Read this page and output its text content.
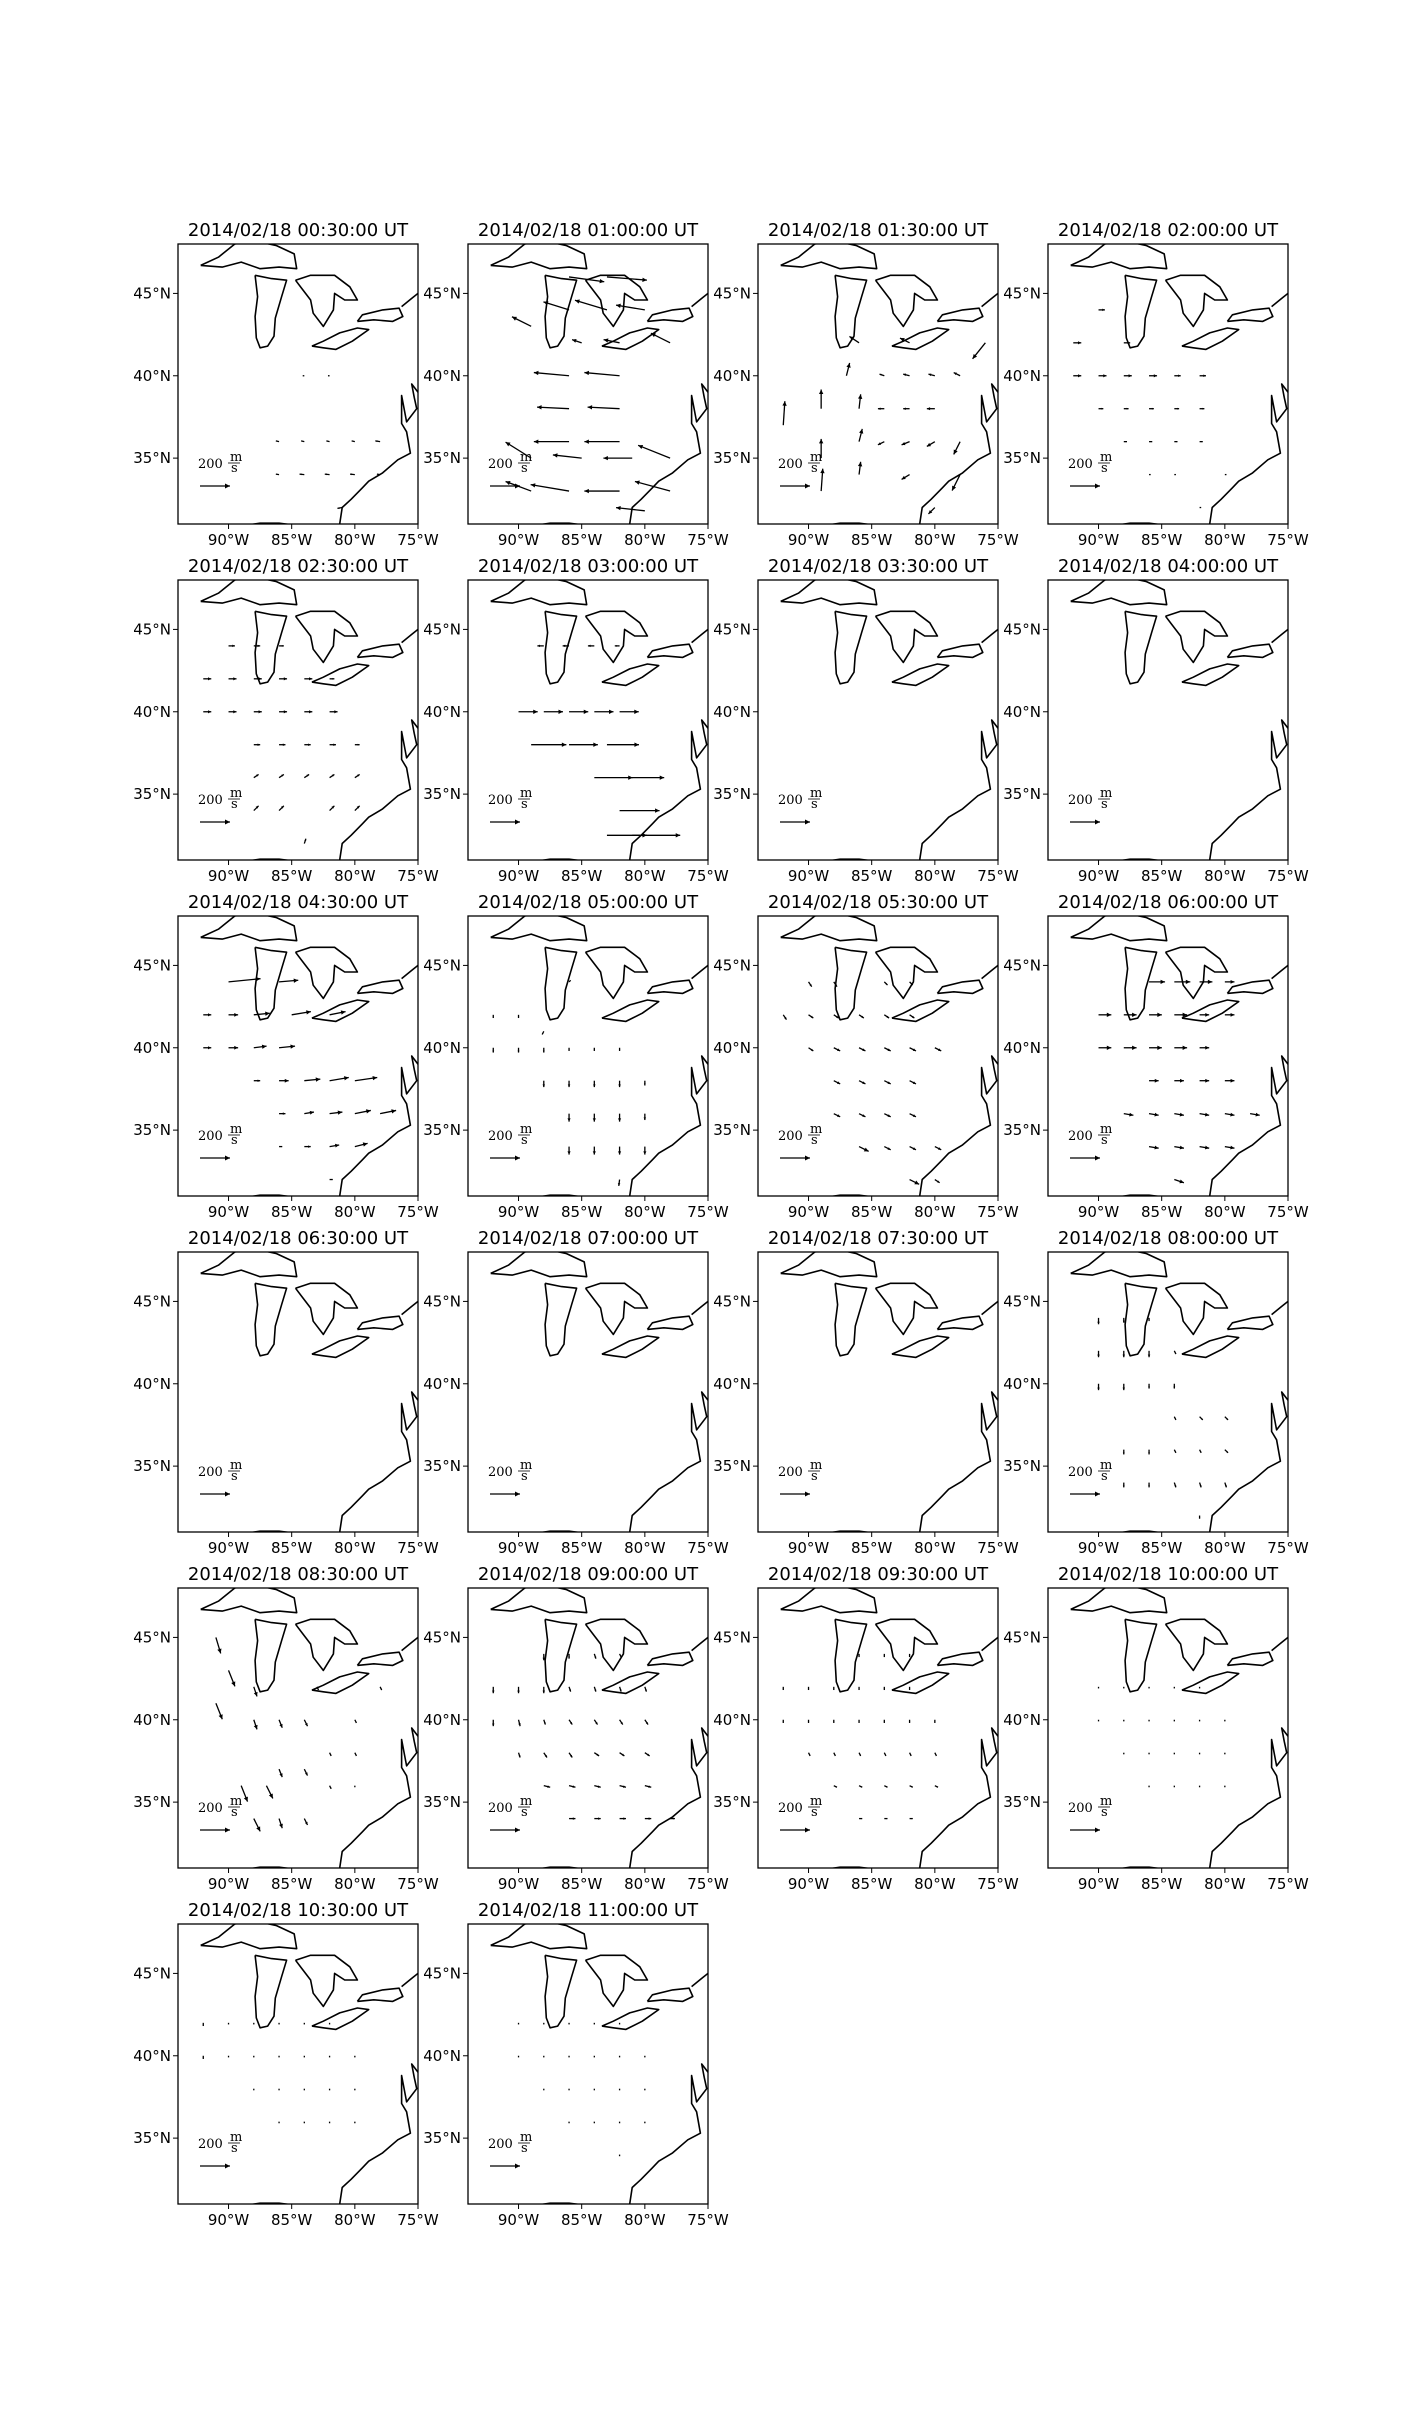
2014/02/18 00:30:00 UT
200 m
s
90°W 85°W 80°W 75°W
45°N
40°N
35°N
2014/02/18 01:00:00 UT
200 m
s
90°W 85°W 80°W 75°W
45°N
40°N
35°N
2014/02/18 01:30:00 UT
200 m
s
90°W 85°W 80°W 75°W
45°N
40°N
35°N
2014/02/18 02:00:00 UT
200 m
s
90°W 85°W 80°W 75°W
45°N
40°N
35°N
2014/02/18 02:30:00 UT
200 m
s
90°W 85°W 80°W 75°W
45°N
40°N
35°N
2014/02/18 03:00:00 UT
200 m
s
90°W 85°W 80°W 75°W
45°N
40°N
35°N
2014/02/18 03:30:00 UT
200 m
s
90°W 85°W 80°W 75°W
45°N
40°N
35°N
2014/02/18 04:00:00 UT
200 m
s
90°W 85°W 80°W 75°W
45°N
40°N
35°N
2014/02/18 04:30:00 UT
200 m
s
90°W 85°W 80°W 75°W
45°N
40°N
35°N
2014/02/18 05:00:00 UT
200 m
s
90°W 85°W 80°W 75°W
45°N
40°N
35°N
2014/02/18 05:30:00 UT
200 m
s
90°W 85°W 80°W 75°W
45°N
40°N
35°N
2014/02/18 06:00:00 UT
200 m
s
90°W 85°W 80°W 75°W
45°N
40°N
35°N
2014/02/18 06:30:00 UT
200 m
s
90°W 85°W 80°W 75°W
45°N
40°N
35°N
2014/02/18 07:00:00 UT
200 m
s
90°W 85°W 80°W 75°W
45°N
40°N
35°N
2014/02/18 07:30:00 UT
200 m
s
90°W 85°W 80°W 75°W
45°N
40°N
35°N
2014/02/18 08:00:00 UT
200 m
s
90°W 85°W 80°W 75°W
45°N
40°N
35°N
2014/02/18 08:30:00 UT
200 m
s
90°W 85°W 80°W 75°W
45°N
40°N
35°N
2014/02/18 09:00:00 UT
200 m
s
90°W 85°W 80°W 75°W
45°N
40°N
35°N
2014/02/18 09:30:00 UT
200 m
s
90°W 85°W 80°W 75°W
45°N
40°N
35°N
2014/02/18 10:00:00 UT
200 m
s
90°W 85°W 80°W 75°W
45°N
40°N
35°N
2014/02/18 10:30:00 UT
200 m
s
90°W 85°W 80°W 75°W
45°N
40°N
35°N
2014/02/18 11:00:00 UT
200 m
s
90°W 85°W 80°W 75°W
45°N
40°N
35°N
